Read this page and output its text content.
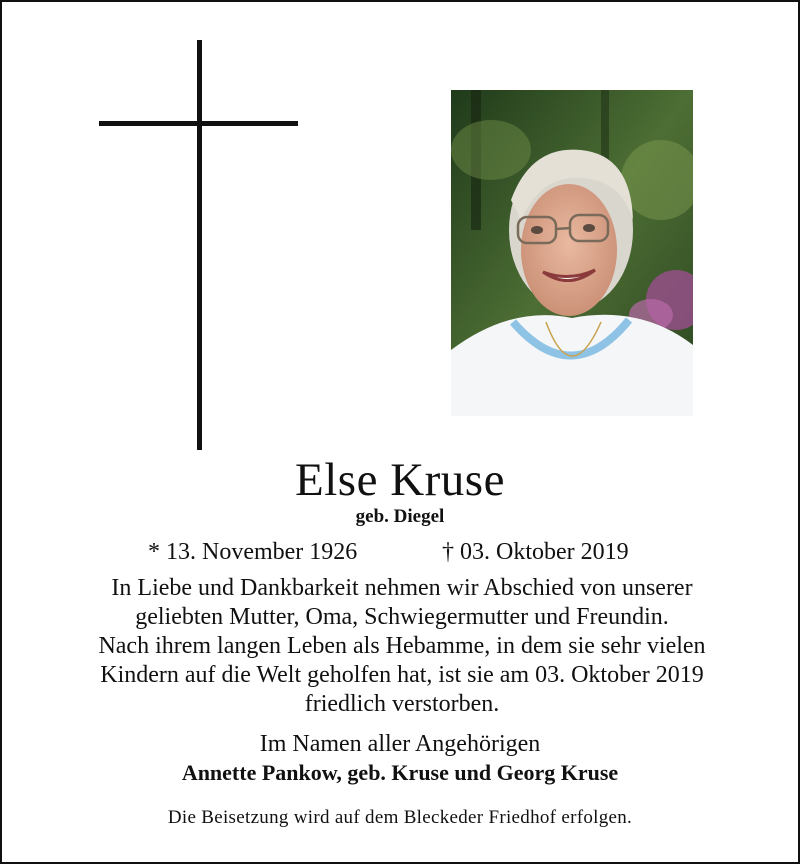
Else Kruse
geb. Diegel
* 13. November 1926	† 03. Oktober 2019
In Liebe und Dankbarkeit nehmen wir Abschied von unserer
geliebten Mutter, Oma, Schwiegermutter und Freundin.
Nach ihrem langen Leben als Hebamme, in dem sie sehr vielen
Kindern auf die Welt geholfen hat, ist sie am 03. Oktober 2019
friedlich verstorben.
Im Namen aller Angehörigen
Annette Pankow, geb. Kruse und Georg Kruse
Die Beisetzung wird auf dem Bleckeder Friedhof erfolgen.
